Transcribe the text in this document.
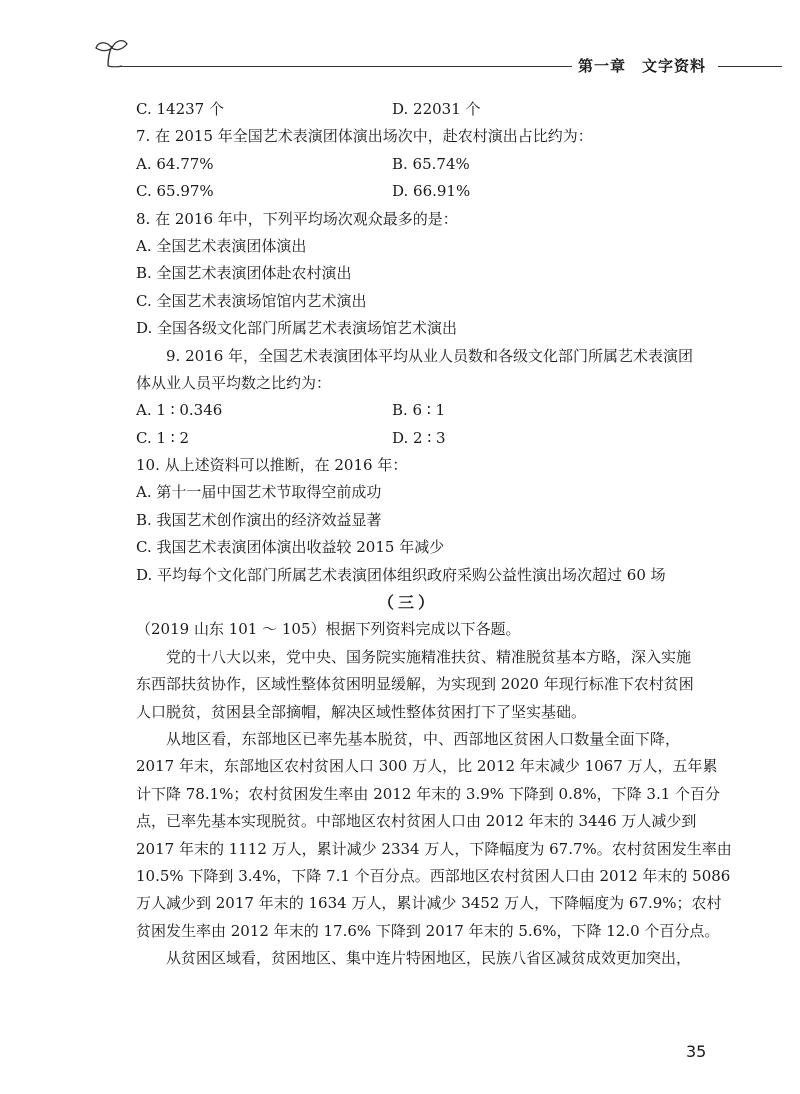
第一章　文字资料
C. 14237 个	D. 22031 个
7. 在 2015 年全国艺术表演团体演出场次中，赴农村演出占比约为：
A. 64.77%	B. 65.74%
C. 65.97%	D. 66.91%
8. 在 2016 年中，下列平均场次观众最多的是：
A. 全国艺术表演团体演出
B. 全国艺术表演团体赴农村演出
C. 全国艺术表演场馆馆内艺术演出
D. 全国各级文化部门所属艺术表演场馆艺术演出
9. 2016 年，全国艺术表演团体平均从业人员数和各级文化部门所属艺术表演团
体从业人员平均数之比约为：
A. 1 ∶ 0.346	B. 6 ∶ 1
C. 1 ∶ 2	D. 2 ∶ 3
10. 从上述资料可以推断，在 2016 年：
A. 第十一届中国艺术节取得空前成功
B. 我国艺术创作演出的经济效益显著
C. 我国艺术表演团体演出收益较 2015 年减少
D. 平均每个文化部门所属艺术表演团体组织政府采购公益性演出场次超过 60 场
（三）
（2019 山东 101 ～ 105）根据下列资料完成以下各题。
党的十八大以来，党中央、国务院实施精准扶贫、精准脱贫基本方略，深入实施
东西部扶贫协作，区域性整体贫困明显缓解，为实现到 2020 年现行标准下农村贫困
人口脱贫，贫困县全部摘帽，解决区域性整体贫困打下了坚实基础。
从地区看，东部地区已率先基本脱贫，中、西部地区贫困人口数量全面下降，
2017 年末，东部地区农村贫困人口 300 万人，比 2012 年末减少 1067 万人，五年累
计下降 78.1%；农村贫困发生率由 2012 年末的 3.9% 下降到 0.8%，下降 3.1 个百分
点，已率先基本实现脱贫。中部地区农村贫困人口由 2012 年末的 3446 万人减少到
2017 年末的 1112 万人，累计减少 2334 万人，下降幅度为 67.7%。农村贫困发生率由
10.5% 下降到 3.4%，下降 7.1 个百分点。西部地区农村贫困人口由 2012 年末的 5086
万人减少到 2017 年末的 1634 万人，累计减少 3452 万人，下降幅度为 67.9%；农村
贫困发生率由 2012 年末的 17.6% 下降到 2017 年末的 5.6%，下降 12.0 个百分点。
从贫困区域看，贫困地区、集中连片特困地区，民族八省区减贫成效更加突出，
35
